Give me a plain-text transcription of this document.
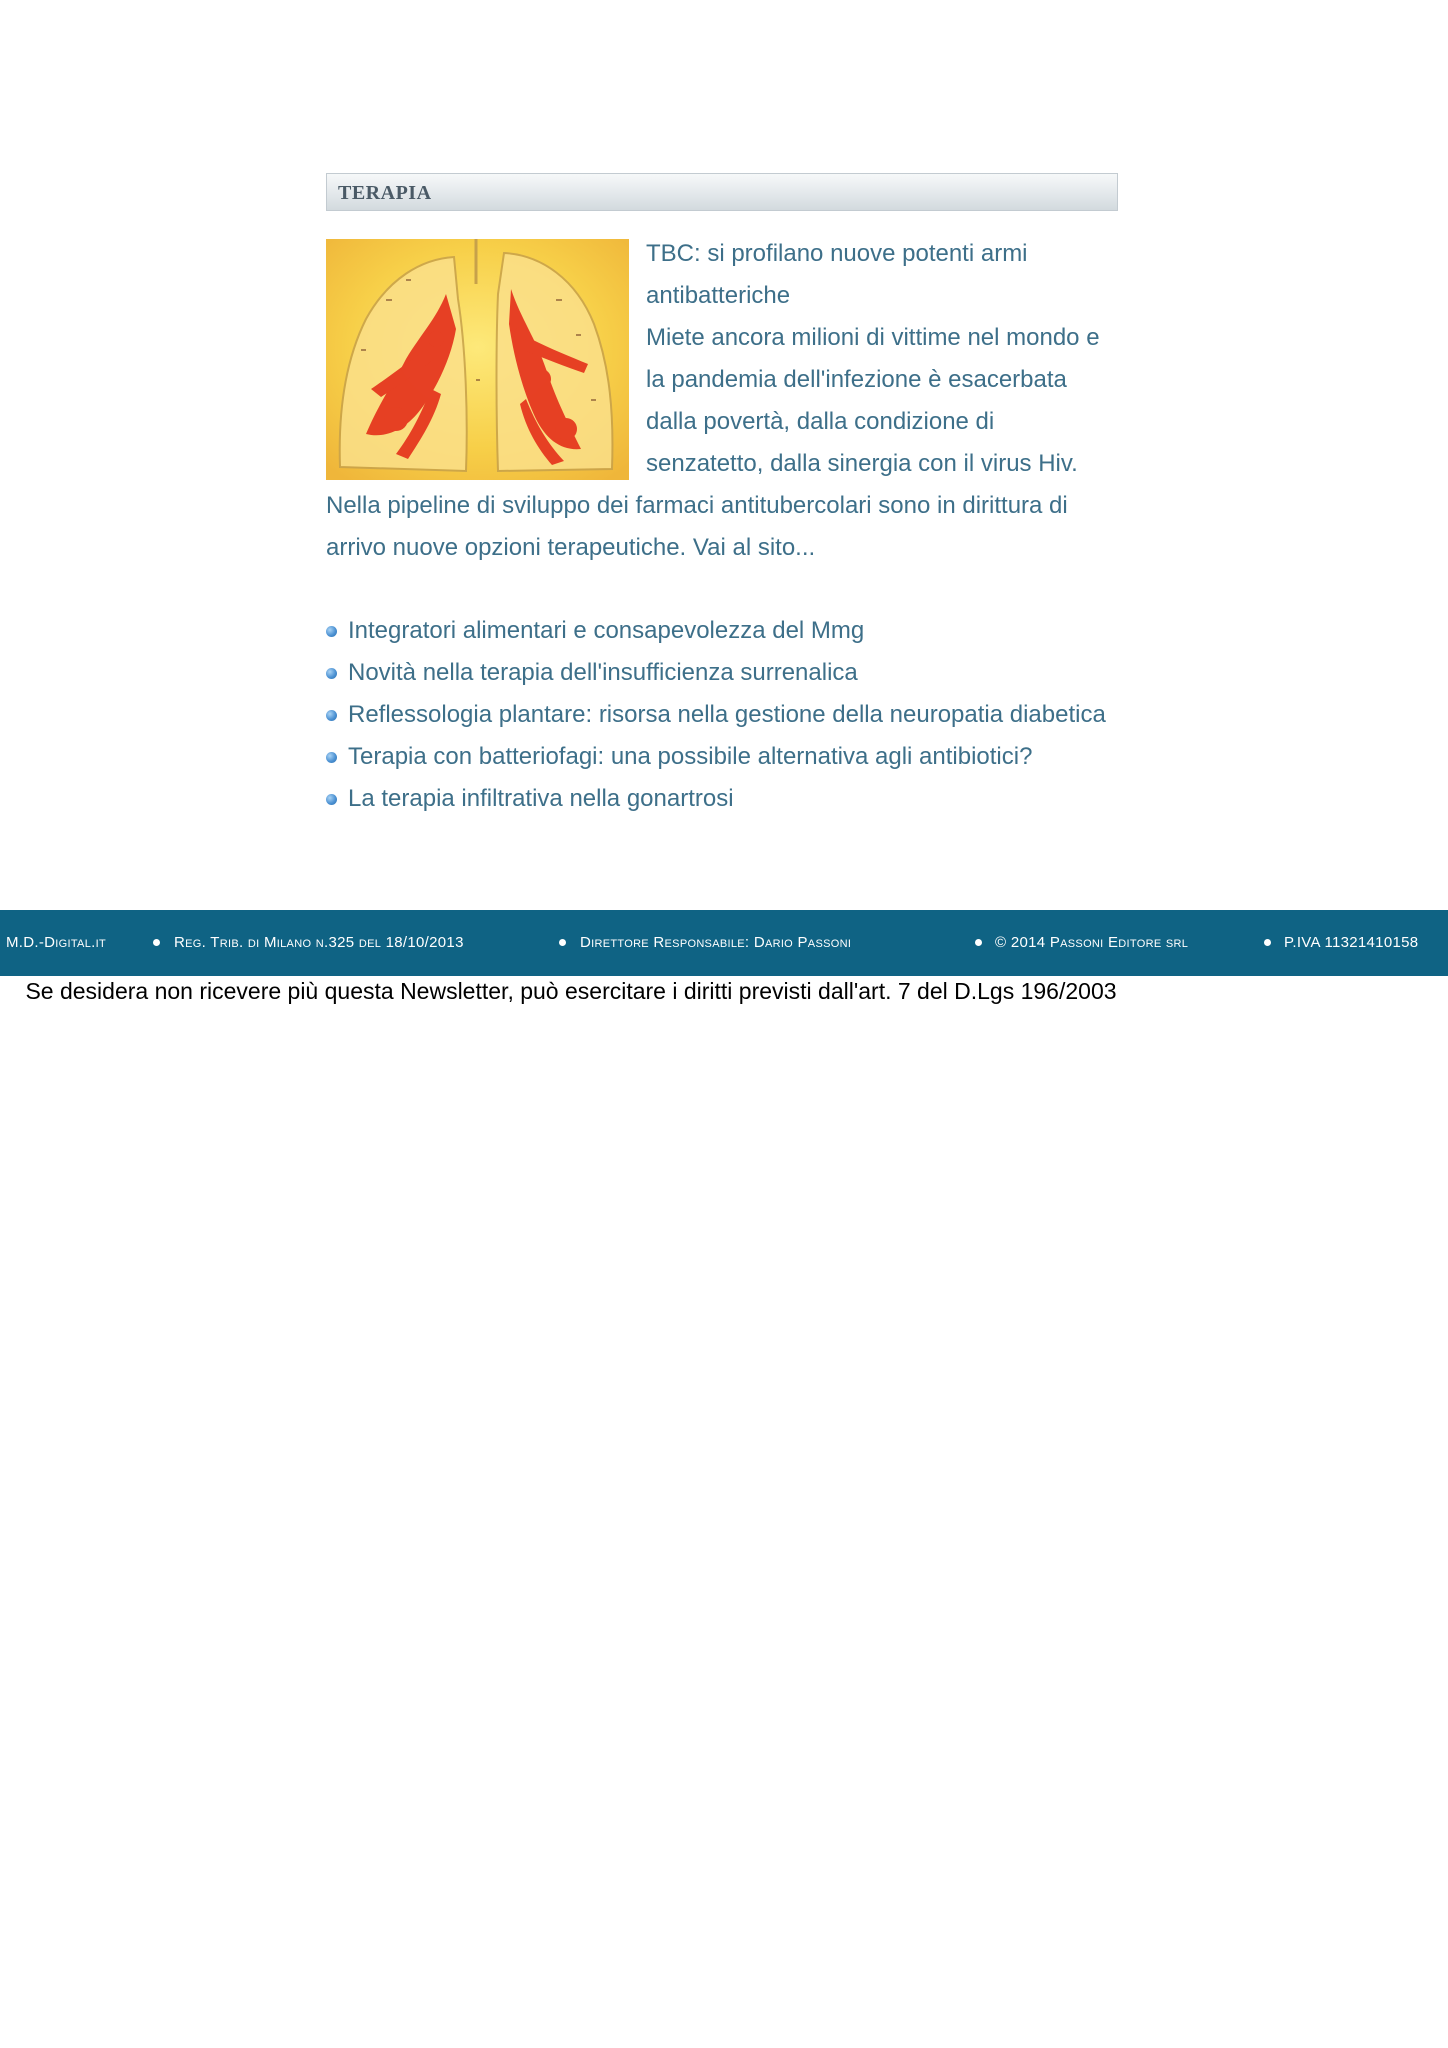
TERAPIA
TBC: si profilano nuove potenti armi
antibatteriche
Miete ancora milioni di vittime nel mondo e
la pandemia dell'infezione è esacerbata
dalla povertà, dalla condizione di
senzatetto, dalla sinergia con il virus Hiv.
Nella pipeline di sviluppo dei farmaci antitubercolari sono in dirittura di
arrivo nuove opzioni terapeutiche. Vai al sito...
Integratori alimentari e consapevolezza del Mmg
Novità nella terapia dell'insufficienza surrenalica
Reflessologia plantare: risorsa nella gestione della neuropatia diabetica
Terapia con batteriofagi: una possibile alternativa agli antibiotici?
La terapia infiltrativa nella gonartrosi
M.D.-Digital.it	Reg. Trib. di Milano n.325 del 18/10/2013	Direttore Responsabile: Dario Passoni	© 2014 Passoni Editore srl	P.IVA 11321410158
Se desidera non ricevere più questa Newsletter, può esercitare i diritti previsti dall'art. 7 del D.Lgs 196/2003
